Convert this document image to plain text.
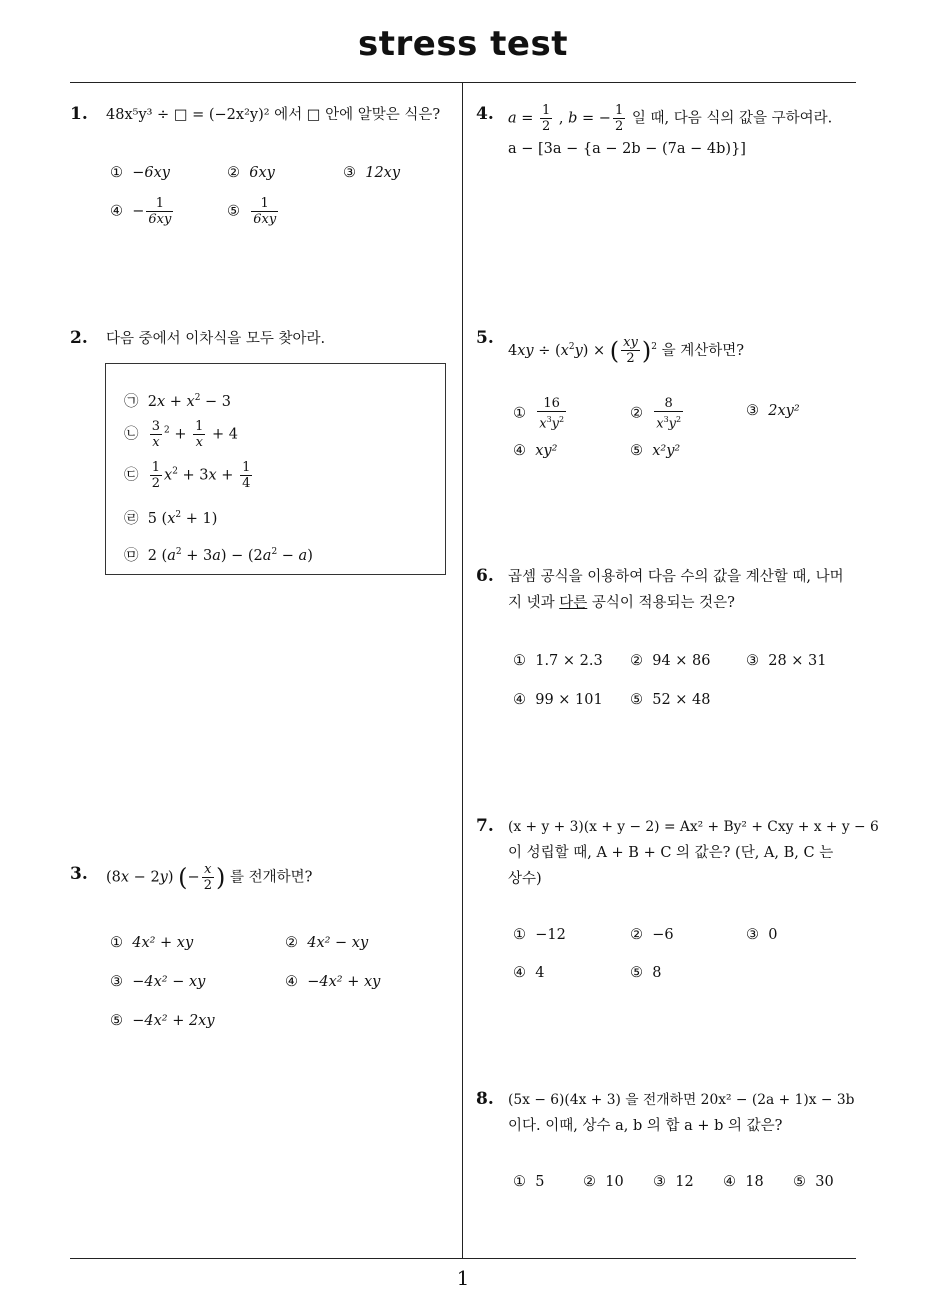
stress test
1
1. 48x⁵y³ ÷ □ = (−2x²y)² 에서 □ 안에 알맞은 식은?
① −6xy	② 6xy	③ 12xy
④  − $\frac{1}{6xy}$	⑤ $\frac{1}{6xy}$
2. 다음 중에서 이차식을 모두 찾아라.
㉠  $2x + x^2 - 3$
㉡ $\frac{3}{x} ^2 + \frac{1}{x} + 4$
㉢ $\frac{1}{2} x^2 + 3x + \frac{1}{4}$
㉣  5 $(x^2 + 1)$
㉤  2 $(a^2 + 3a) - (2a^2 - a)$
3. (8x − 2y) (− $\frac{x}{2}$ ) 를 전개하면?
① 4x² + xy	② 4x² − xy
③ −4x² − xy	④ −4x² + xy
⑤ −4x² + 2xy
4. $a = \frac{1}{2}$ , b = − $\frac{1}{2}$ 일 때, 다음 식의 값을 구하여라.
a − [3a − {a − 2b − (7a − 4b)}]
5.
$4xy \div (x^2y)$ × ( $\frac{xy}{2} )^2$ 을 계산하면?
① $\frac{16}{x^3y^2}$	② $\frac{8}{x^3y^2}$	③ 2xy²
④ xy²	⑤ x²y²
6. 곱셈 공식을 이용하여 다음 수의 값을 계산할 때, 나머
지 넷과 다른 공식이 적용되는 것은?
① 1.7 × 2.3 ② 94 × 86 ③ 28 × 31
④ 99 × 101 ⑤ 52 × 48
7. (x + y + 3)(x + y − 2) = Ax² + By² + Cxy + x + y − 6
이 성립할 때, A + B + C 의 값은? (단, A, B, C 는
상수)
① −12	② −6	③ 0
④ 4	⑤ 8
8. (5x − 6)(4x + 3) 을 전개하면 20x² − (2a + 1)x − 3b
이다. 이때, 상수 a, b 의 합 a + b 의 값은?
① 5	② 10 ③ 12 ④ 18 ⑤ 30
